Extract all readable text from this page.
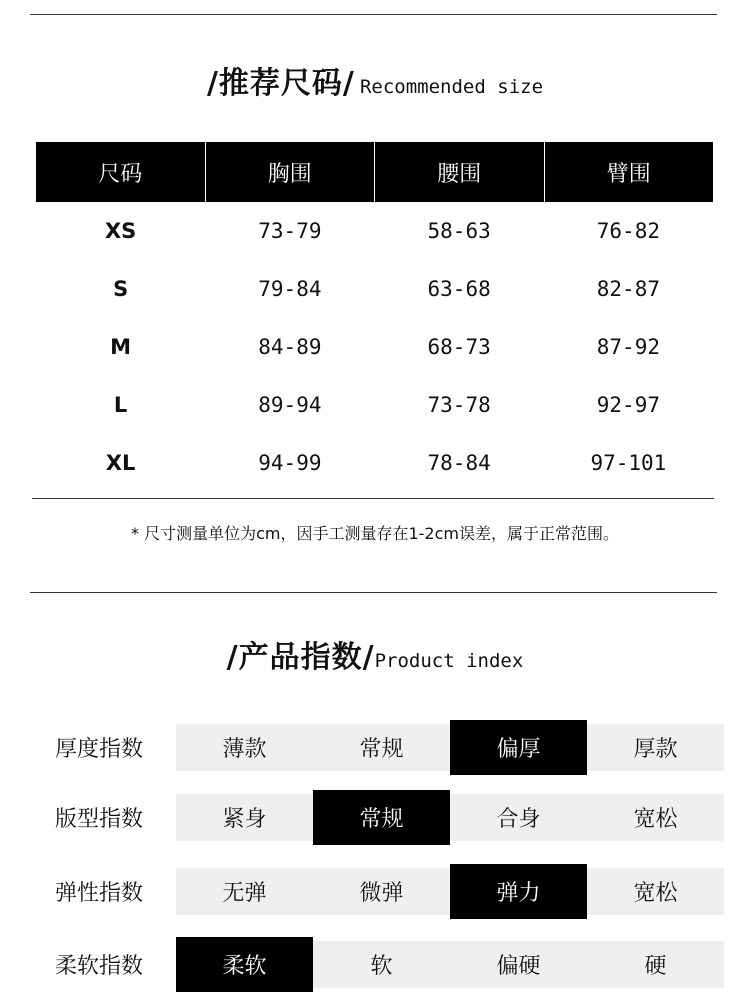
/推荐尺码/ Recommended size
尺码	胸围	腰围	臂围
XS	73-79	58-63	76-82
S	79-84	63-68	82-87
M	84-89	68-73	87-92
L	89-94	73-78	92-97
XL	94-99	78-84	97-101
* 尺寸测量单位为cm，因手工测量存在1-2cm误差，属于正常范围。
/产品指数/Product index
厚度指数	薄款	常规	偏厚	厚款
版型指数	紧身	常规	合身	宽松
弹性指数	无弹	微弹	弹力	宽松
柔软指数	柔软	软	偏硬	硬
